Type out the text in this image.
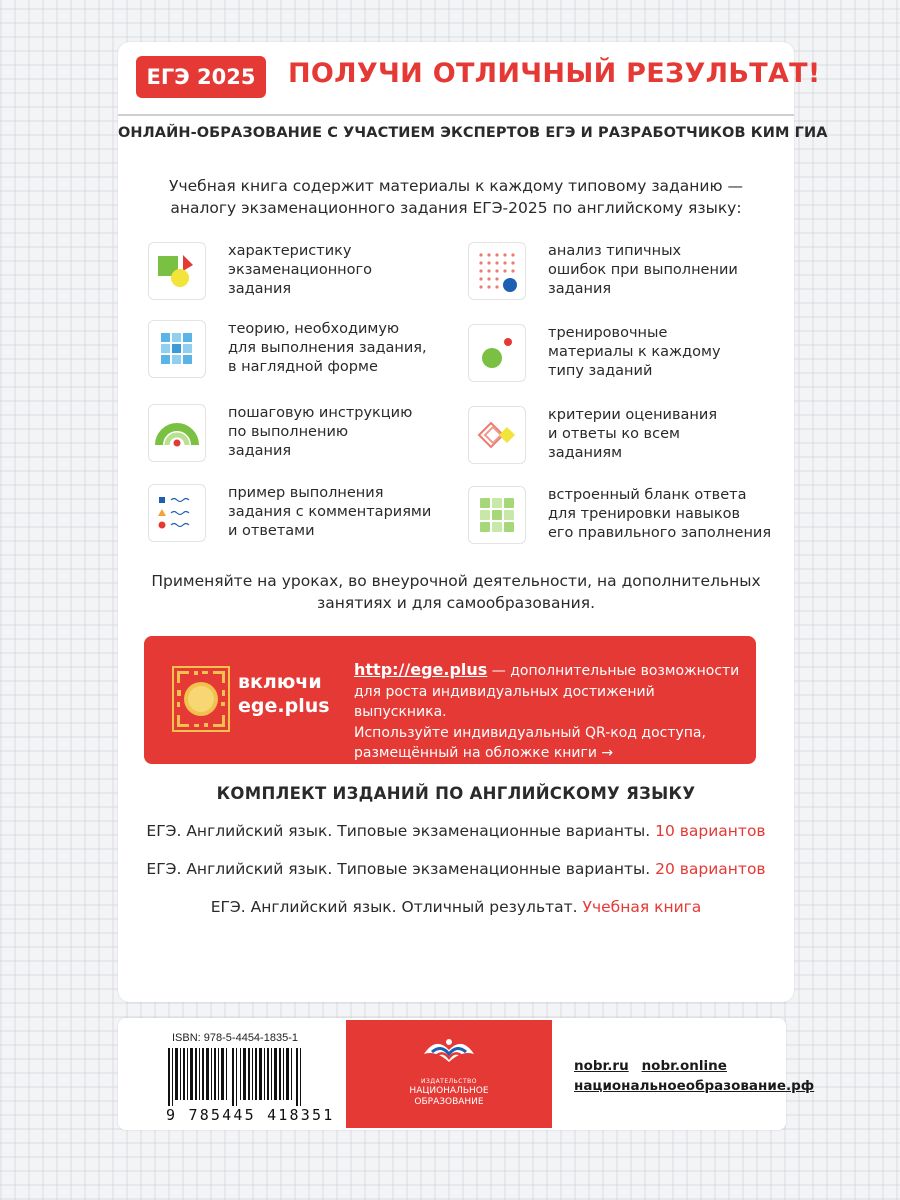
ЕГЭ 2025	ПОЛУЧИ ОТЛИЧНЫЙ РЕЗУЛЬТАТ!
ОНЛАЙН-ОБРАЗОВАНИЕ С УЧАСТИЕМ ЭКСПЕРТОВ ЕГЭ И РАЗРАБОТЧИКОВ КИМ ГИА
Учебная книга содержит материалы к каждому типовому заданию —
аналогу экзаменационного задания ЕГЭ-2025 по английскому языку:
характеристику
экзаменационного
задания
анализ типичных
ошибок при выполнении
задания
теорию, необходимую
для выполнения задания,
в наглядной форме
тренировочные
материалы к каждому
типу заданий
пошаговую инструкцию
по выполнению
задания
критерии оценивания
и ответы ко всем
заданиям
пример выполнения
задания с комментариями
и ответами
встроенный бланк ответа
для тренировки навыков
его правильного заполнения
Применяйте на уроках, во внеурочной деятельности, на дополнительных
занятиях и для самообразования.
включи
ege.plus
http://ege.plus — дополнительные возможности
для роста индивидуальных достижений выпускника.
Используйте индивидуальный QR-код доступа,
размещённый на обложке книги →
КОМПЛЕКТ ИЗДАНИЙ ПО АНГЛИЙСКОМУ ЯЗЫКУ
ЕГЭ. Английский язык. Типовые экзаменационные варианты. 10 вариантов
ЕГЭ. Английский язык. Типовые экзаменационные варианты. 20 вариантов
ЕГЭ. Английский язык. Отличный результат. Учебная книга
ISBN: 978-5-4454-1835-1
9 785445 418351
ИЗДАТЕЛЬСТВО
НАЦИОНАЛЬНОЕ
ОБРАЗОВАНИЕ
nobr.ru nobr.online
национальноеобразование.рф
